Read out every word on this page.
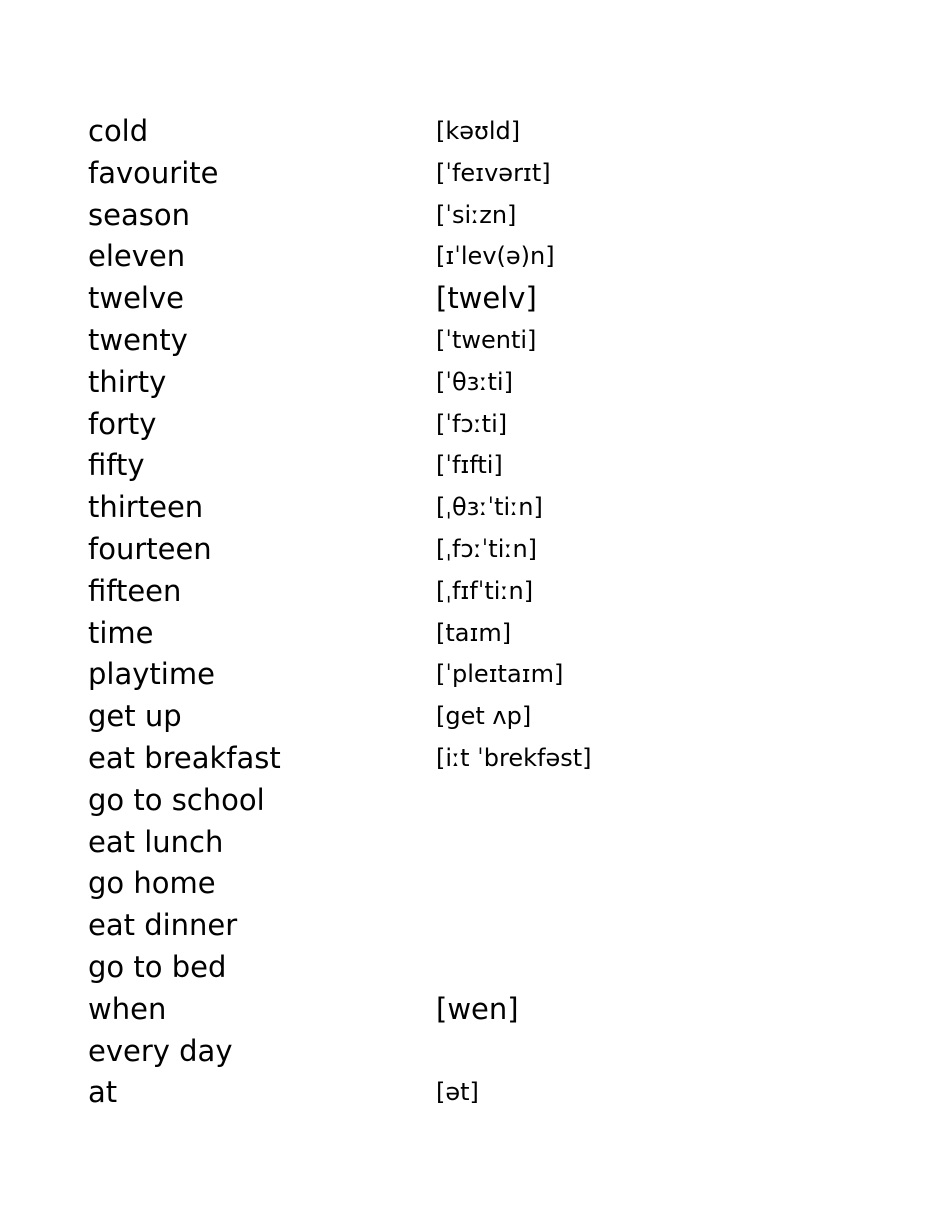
cold	[kəʊld]
favourite	[ˈfeɪvərɪt]
season	[ˈsiːzn]
eleven	[ɪˈlev(ə)n]
twelve	[twelv]
twenty	[ˈtwenti]
thirty	[ˈθɜːti]
forty	[ˈfɔːti]
fifty	[ˈfɪfti]
thirteen	[ˌθɜːˈtiːn]
fourteen	[ˌfɔːˈtiːn]
fifteen	[ˌfɪfˈtiːn]
time	[taɪm]
playtime	[ˈpleɪtaɪm]
get up	[get ʌp]
eat breakfast	[iːt ˈbrekfəst]
go to school
eat lunch
go home
eat dinner
go to bed
when	[wen]
every day
at	[ət]
